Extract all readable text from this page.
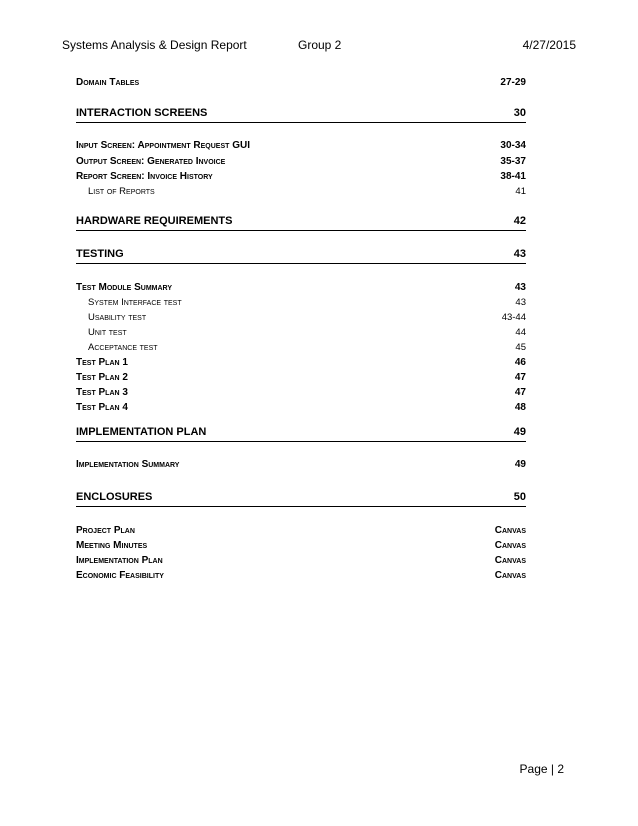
Systems Analysis & Design Report	Group 2	4/27/2015
Domain Tables	27-29
INTERACTION SCREENS	30
Input Screen: Appointment Request GUI	30-34
Output Screen: Generated Invoice	35-37
Report Screen: Invoice History	38-41
List of Reports	41
HARDWARE REQUIREMENTS	42
TESTING	43
Test Module Summary	43
System Interface test	43
Usability test	43-44
Unit test	44
Acceptance test	45
Test Plan 1	46
Test Plan 2	47
Test Plan 3	47
Test Plan 4	48
IMPLEMENTATION PLAN	49
Implementation Summary	49
ENCLOSURES	50
Project Plan	Canvas
Meeting Minutes	Canvas
Implementation Plan	Canvas
Economic Feasibility	Canvas
Page | 2
